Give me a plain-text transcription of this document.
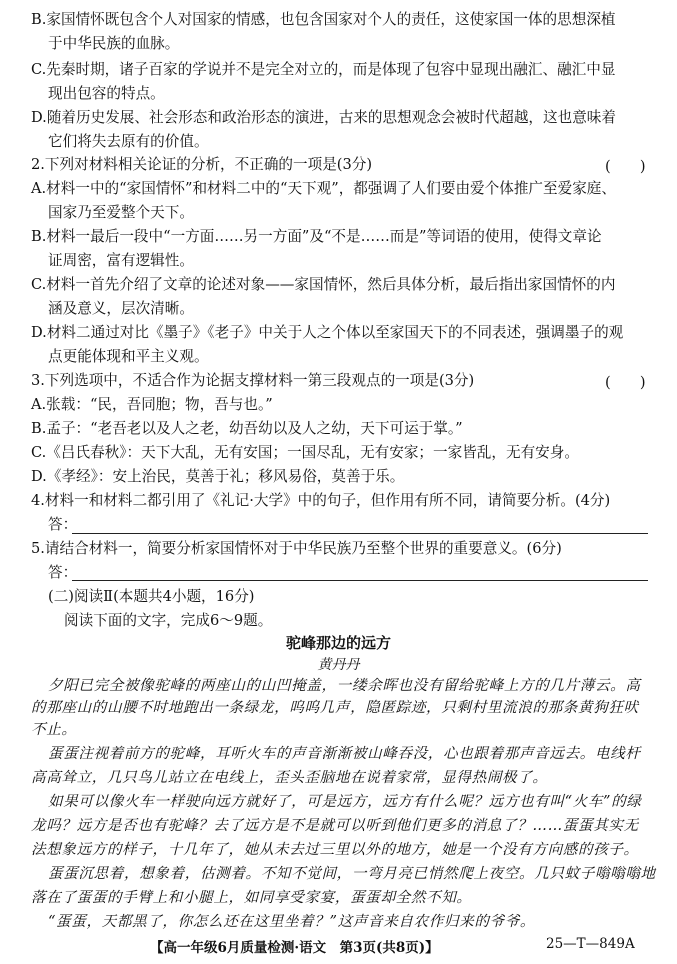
B.家国情怀既包含个人对国家的情感，也包含国家对个人的责任，这使家国一体的思想深植
于中华民族的血脉。
C.先秦时期，诸子百家的学说并不是完全对立的，而是体现了包容中显现出融汇、融汇中显
现出包容的特点。
D.随着历史发展、社会形态和政治形态的演进，古来的思想观念会被时代超越，这也意味着
它们将失去原有的价值。
2.下列对材料相关论证的分析，不正确的一项是(3分)	(　　)
A.材料一中的“家国情怀”和材料二中的“天下观”，都强调了人们要由爱个体推广至爱家庭、
国家乃至爱整个天下。
B.材料一最后一段中“一方面……另一方面”及“不是……而是”等词语的使用，使得文章论
证周密，富有逻辑性。
C.材料一首先介绍了文章的论述对象——家国情怀，然后具体分析，最后指出家国情怀的内
涵及意义，层次清晰。
D.材料二通过对比《墨子》《老子》中关于人之个体以至家国天下的不同表述，强调墨子的观
点更能体现和平主义观。
3.下列选项中，不适合作为论据支撑材料一第三段观点的一项是(3分)	(　　)
A.张载：“民，吾同胞；物，吾与也。”
B.孟子：“老吾老以及人之老，幼吾幼以及人之幼，天下可运于掌。”
C.《吕氏春秋》：天下大乱，无有安国；一国尽乱，无有安家；一家皆乱，无有安身。
D.《孝经》：安上治民，莫善于礼；移风易俗，莫善于乐。
4.材料一和材料二都引用了《礼记·大学》中的句子，但作用有所不同，请简要分析。(4分)
答：
5.请结合材料一，简要分析家国情怀对于中华民族乃至整个世界的重要意义。(6分)
答：
(二)阅读Ⅱ(本题共4小题，16分)
阅读下面的文字，完成6～9题。
驼峰那边的远方
黄丹丹
夕阳已完全被像驼峰的两座山的山凹掩盖，一缕余晖也没有留给驼峰上方的几片薄云。高
的那座山的山腰不时地跑出一条绿龙，呜呜几声，隐匿踪迹，只剩村里流浪的那条黄狗狂吠
不止。
蛋蛋注视着前方的驼峰，耳听火车的声音渐渐被山峰吞没，心也跟着那声音远去。电线杆
高高耸立，几只鸟儿站立在电线上，歪头歪脑地在说着家常，显得热闹极了。
如果可以像火车一样驶向远方就好了，可是远方，远方有什么呢？远方也有叫“火车”的绿
龙吗？远方是否也有驼峰？去了远方是不是就可以听到他们更多的消息了？……蛋蛋其实无
法想象远方的样子，十几年了，她从未去过三里以外的地方，她是一个没有方向感的孩子。
蛋蛋沉思着，想象着，估测着。不知不觉间，一弯月亮已悄然爬上夜空。几只蚊子嗡嗡嗡地
落在了蛋蛋的手臂上和小腿上，如同享受家宴，蛋蛋却全然不知。
【高一年级6月质量检测·语文　第3页(共8页)】	25—T—849A
“蛋蛋，天都黑了，你怎么还在这里坐着？”这声音来自农作归来的爷爷。
